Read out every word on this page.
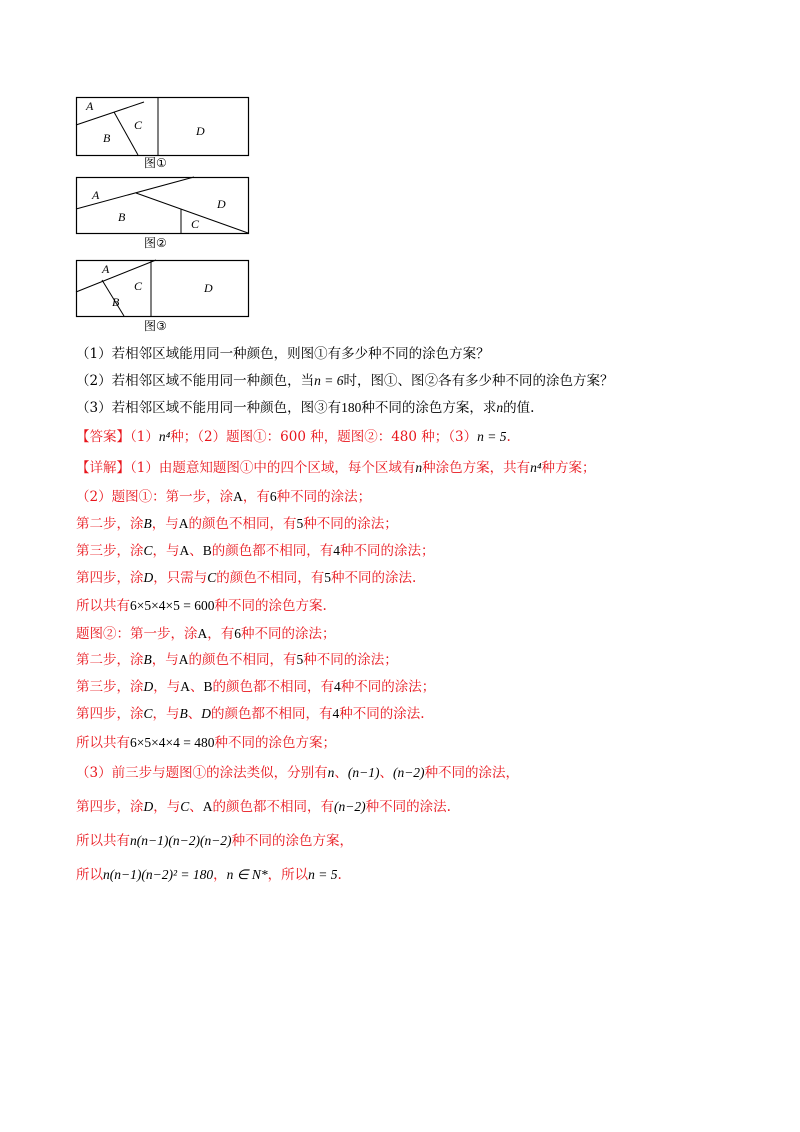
A
B
C	D
图①
A
B	C
D
图②
A
B
C	D
图③
（1）若相邻区域能用同一种颜色，则图①有多少种不同的涂色方案？
（2）若相邻区域不能用同一种颜色，当n = 6时，图①、图②各有多少种不同的涂色方案？
（3）若相邻区域不能用同一种颜色，图③有180种不同的涂色方案，求n的值.
【答案】（1）n⁴种；（2）题图①：600 种，题图②：480 种；（3）n = 5.
【详解】（1）由题意知题图①中的四个区域，每个区域有n种涂色方案，共有n⁴种方案；
（2）题图①：第一步，涂A，有6种不同的涂法；
第二步，涂B，与A的颜色不相同，有5种不同的涂法；
第三步，涂C，与A、B的颜色都不相同，有4种不同的涂法；
第四步，涂D，只需与C的颜色不相同，有5种不同的涂法.
所以共有6×5×4×5 = 600种不同的涂色方案.
题图②：第一步，涂A，有6种不同的涂法；
第二步，涂B，与A的颜色不相同，有5种不同的涂法；
第三步，涂D，与A、B的颜色都不相同，有4种不同的涂法；
第四步，涂C，与B、D的颜色都不相同，有4种不同的涂法.
所以共有6×5×4×4 = 480种不同的涂色方案；
（3）前三步与题图①的涂法类似，分别有n、(n−1)、(n−2)种不同的涂法，
第四步，涂D，与C、A的颜色都不相同，有(n−2)种不同的涂法.
所以共有n(n−1)(n−2)(n−2)种不同的涂色方案，
所以n(n−1)(n−2)² = 180，n ∈ N*，所以n = 5.
